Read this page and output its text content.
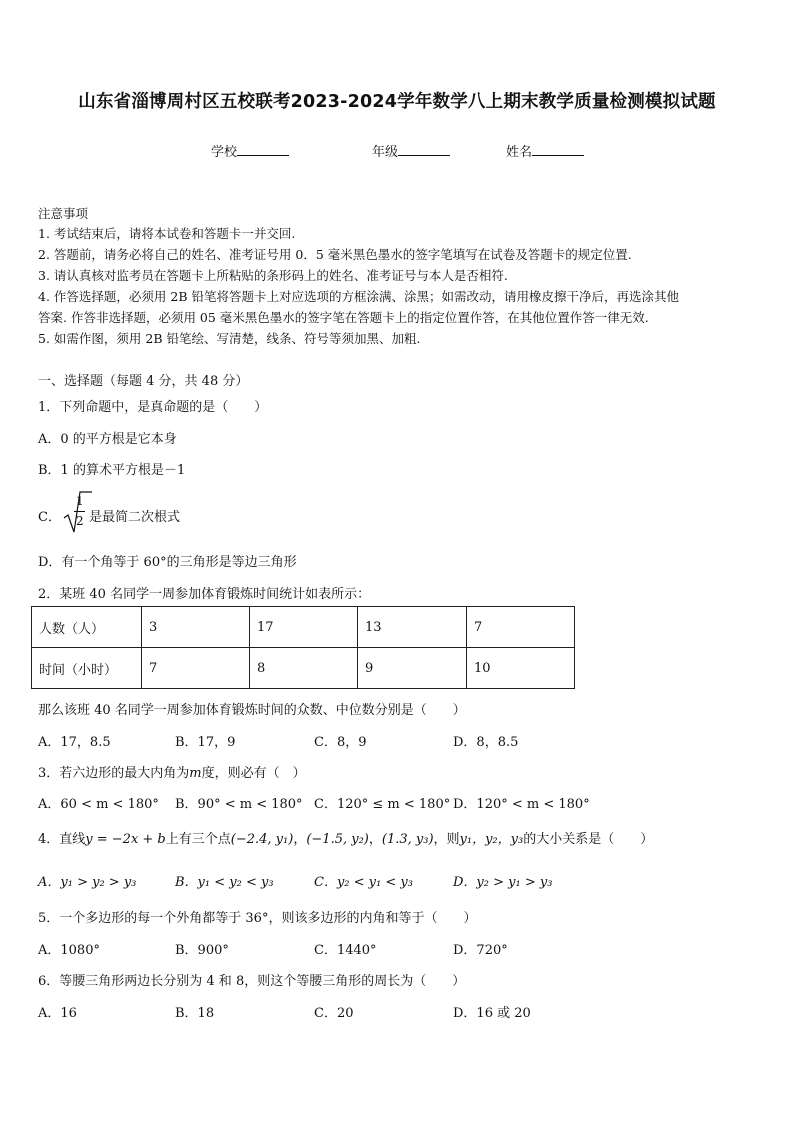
山东省淄博周村区五校联考2023-2024学年数学八上期末教学质量检测模拟试题
学校	年级	姓名
注意事项
1. 考试结束后，请将本试卷和答题卡一并交回.
2. 答题前，请务必将自己的姓名、准考证号用 0．5 毫米黑色墨水的签字笔填写在试卷及答题卡的规定位置.
3. 请认真核对监考员在答题卡上所粘贴的条形码上的姓名、准考证号与本人是否相符.
4. 作答选择题，必须用 2B 铅笔将答题卡上对应选项的方框涂满、涂黑；如需改动，请用橡皮擦干净后，再选涂其他
答案. 作答非选择题，必须用 05 毫米黑色墨水的签字笔在答题卡上的指定位置作答，在其他位置作答一律无效.
5. 如需作图，须用 2B 铅笔绘、写清楚，线条、符号等须加黑、加粗.
一、选择题（每题 4 分，共 48 分）
1．下列命题中，是真命题的是（　　）
A．0 的平方根是它本身
B．1 的算术平方根是－1
C．
1
2 是最简二次根式
D．有一个角等于 60°的三角形是等边三角形
2．某班 40 名同学一周参加体育锻炼时间统计如表所示：
人数（人）	3	17	13	7
时间（小时）	7	8	9	10
那么该班 40 名同学一周参加体育锻炼时间的众数、中位数分别是（　　）
A．17，8.5	B．17，9	C．8，9	D．8，8.5
3．若六边形的最大内角为m度，则必有（　）
A．60 < m < 180° B．90° < m < 180° C．120° ≤ m < 180° D．120° < m < 180°
4．直线y = −2x + b上有三个点(−2.4, y₁)，(−1.5, y₂)，(1.3, y₃)，则y₁，y₂，y₃的大小关系是（　　）
A．y₁ > y₂ > y₃	B．y₁ < y₂ < y₃	C．y₂ < y₁ < y₃	D．y₂ > y₁ > y₃
5．一个多边形的每一个外角都等于 36°，则该多边形的内角和等于（　　）
A．1080°	B．900°	C．1440°	D．720°
6．等腰三角形两边长分别为 4 和 8，则这个等腰三角形的周长为（　　）
A．16	B．18	C．20	D．16 或 20
